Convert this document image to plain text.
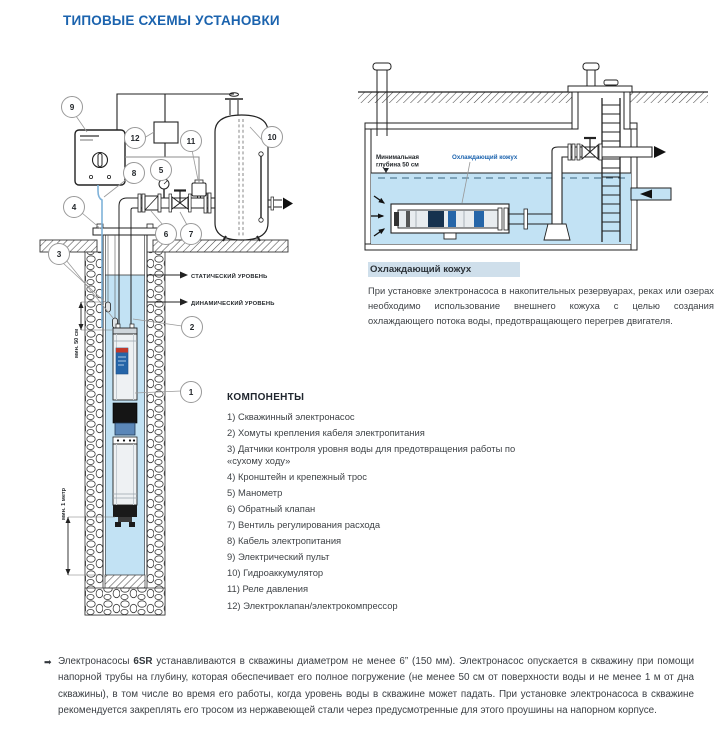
ТИПОВЫЕ СХЕМЫ УСТАНОВКИ
СТАТИЧЕСКИЙ УРОВЕНЬ
ДИНАМИЧЕСКИЙ УРОВЕНЬ
мин. 50 см
мин. 1 метр
1
2
3
4
5
6 7
8
9
10
11
12
Минимальная
глубина 50 см
Охлаждающий кожух
Охлаждающий кожух

При установке электронасоса в накопительных резервуарах, реках или озерах необходимо использование внешнего кожуха с целью создания охлаждающего потока воды, предотвращающего перегрев двигателя.

КОМПОНЕНТЫ
1) Скважинный электронасос
2) Хомуты крепления кабеля электропитания
3) Датчики контроля уровня воды для предотвращения работы по «сухому ходу»
4) Кронштейн и крепежный трос
5) Манометр
6) Обратный клапан
7) Вентиль регулирования расхода
8) Кабель электропитания
9) Электрический пульт
10) Гидроаккумулятор
11) Реле давления
12) Электроклапан/электрокомпрессор
➡ Электронасосы 6SR устанавливаются в скважины диаметром не менее 6” (150 мм). Электронасос опускается в скважину при помощи напорной трубы на глубину, которая обеспечивает его полное погружение (не менее 50 см от поверхности воды и не менее 1 м от дна скважины), в том числе во время его работы, когда уровень воды в скважине может падать. При установке электронасоса в скважине рекомендуется закреплять его тросом из нержавеющей стали через предусмотренные для этого проушины на напорном корпусе.
